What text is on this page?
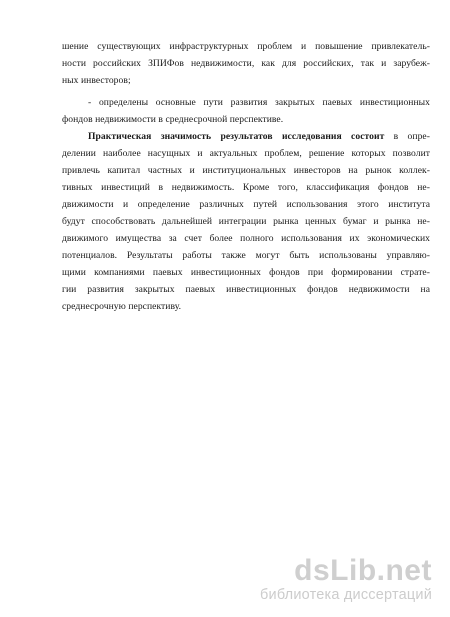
шение существующих инфраструктурных проблем и повышение привлекатель-
ности российских ЗПИФов недвижимости, как для российских, так и зарубеж-
ных инвесторов;
- определены основные пути развития закрытых паевых инвестиционных
фондов недвижимости в среднесрочной перспективе.
Практическая значимость результатов исследования состоит в опре-
делении наиболее насущных и актуальных проблем, решение которых позволит
привлечь капитал частных и институциональных инвесторов на рынок коллек-
тивных инвестиций в недвижимость. Кроме того, классификация фондов не-
движимости и определение различных путей использования этого института
будут способствовать дальнейшей интеграции рынка ценных бумаг и рынка не-
движимого имущества за счет более полного использования их экономических
потенциалов. Результаты работы также могут быть использованы управляю-
щими компаниями паевых инвестиционных фондов при формировании страте-
гии развития закрытых паевых инвестиционных фондов недвижимости на
среднесрочную перспективу.
dsLib.net
библиотека диссертаций
